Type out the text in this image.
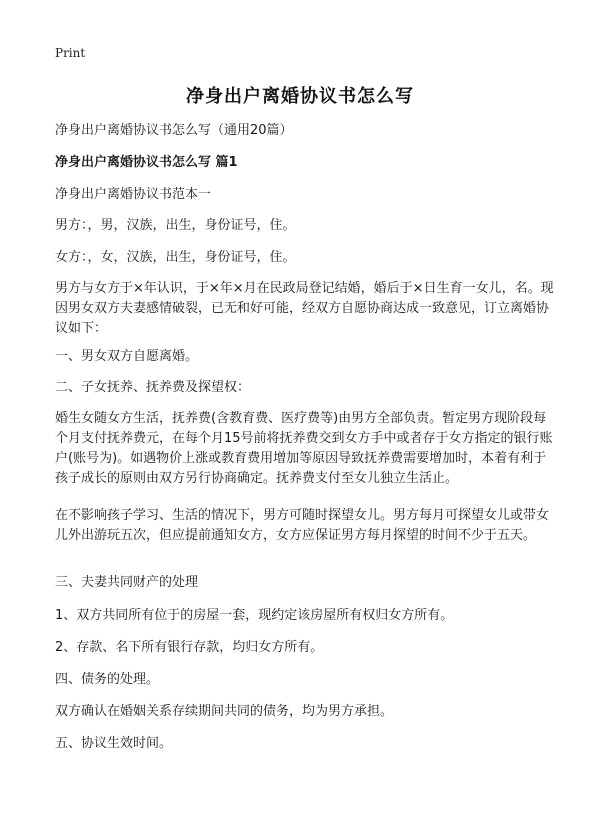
Print
净身出户离婚协议书怎么写
净身出户离婚协议书怎么写（通用20篇）
净身出户离婚协议书怎么写 篇1
净身出户离婚协议书范本一
男方：，男，汉族，出生，身份证号，住。
女方：，女，汉族，出生，身份证号，住。
男方与女方于×年认识，于×年×月在民政局登记结婚，婚后于×日生育一女儿，名。现因男女双方夫妻感情破裂，已无和好可能，经双方自愿协商达成一致意见，订立离婚协议如下：
一、男女双方自愿离婚。
二、子女抚养、抚养费及探望权：
婚生女随女方生活，抚养费(含教育费、医疗费等)由男方全部负责。暂定男方现阶段每个月支付抚养费元，在每个月15号前将抚养费交到女方手中或者存于女方指定的银行账户(账号为)。如遇物价上涨或教育费用增加等原因导致抚养费需要增加时，本着有利于孩子成长的原则由双方另行协商确定。抚养费支付至女儿独立生活止。
在不影响孩子学习、生活的情况下，男方可随时探望女儿。男方每月可探望女儿或带女儿外出游玩五次，但应提前通知女方，女方应保证男方每月探望的时间不少于五天。
三、夫妻共同财产的处理
1、双方共同所有位于的房屋一套，现约定该房屋所有权归女方所有。
2、存款、名下所有银行存款，均归女方所有。
四、债务的处理。
双方确认在婚姻关系存续期间共同的债务，均为男方承担。
五、协议生效时间。
